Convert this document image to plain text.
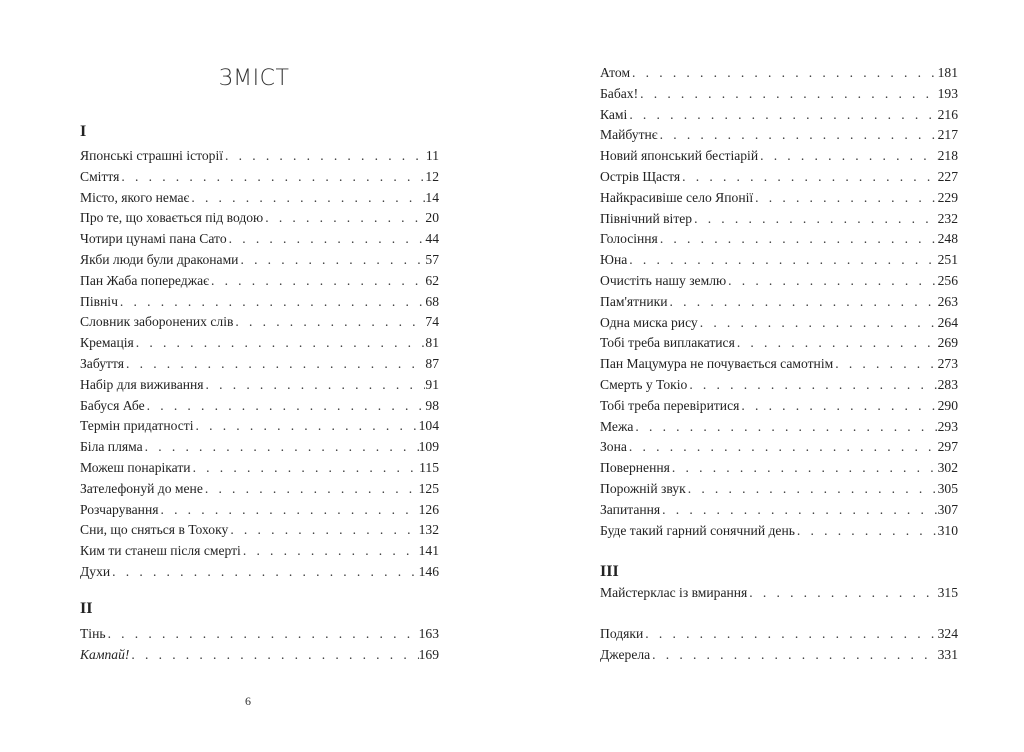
ЗМІСТ
I
Японські страшні історії . . .	11
Сміття . . .	12
Місто, якого немає . . .	14
Про те, що ховається під водою . . .	20
Чотири цунамі пана Сато . . .	44
Якби люди були драконами . . .	57
Пан Жаба попереджає . . .	62
Північ . . .	68
Словник заборонених слів . . .	74
Кремація . . .	81
Забуття . . .	87
Набір для виживання . . .	91
Бабуся Абе . . .	98
Термін придатності . . .	104
Біла пляма . . .	109
Можеш понарікати . . .	115
Зателефонуй до мене . . .	125
Розчарування . . .	126
Сни, що сняться в Тохоку . . .	132
Ким ти станеш після смерті . . .	141
Духи . . .	146
II
Тінь . . .	163
Кампай! . . .	169
6
Атом . . .	181
Бабах! . . .	193
Камі . . .	216
Майбутнє . . .	217
Новий японський бестіарій . . .	218
Острів Щастя . . .	227
Найкрасивіше село Японії . . .	229
Північний вітер . . .	232
Голосіння . . .	248
Юна . . .	251
Очистіть нашу землю . . .	256
Пам'ятники . . .	263
Одна миска рису . . .	264
Тобі треба виплакатися . . .	269
Пан Мацумура не почувається самотнім . . .	273
Смерть у Токіо . . .	283
Тобі треба перевіритися . . .	290
Межа . . .	293
Зона . . .	297
Повернення . . .	302
Порожній звук . . .	305
Запитання . . .	307
Буде такий гарний сонячний день . . .	310
III
Майстерклас із вмирання . . .	315
Подяки . . .	324
Джерела . . .	331
